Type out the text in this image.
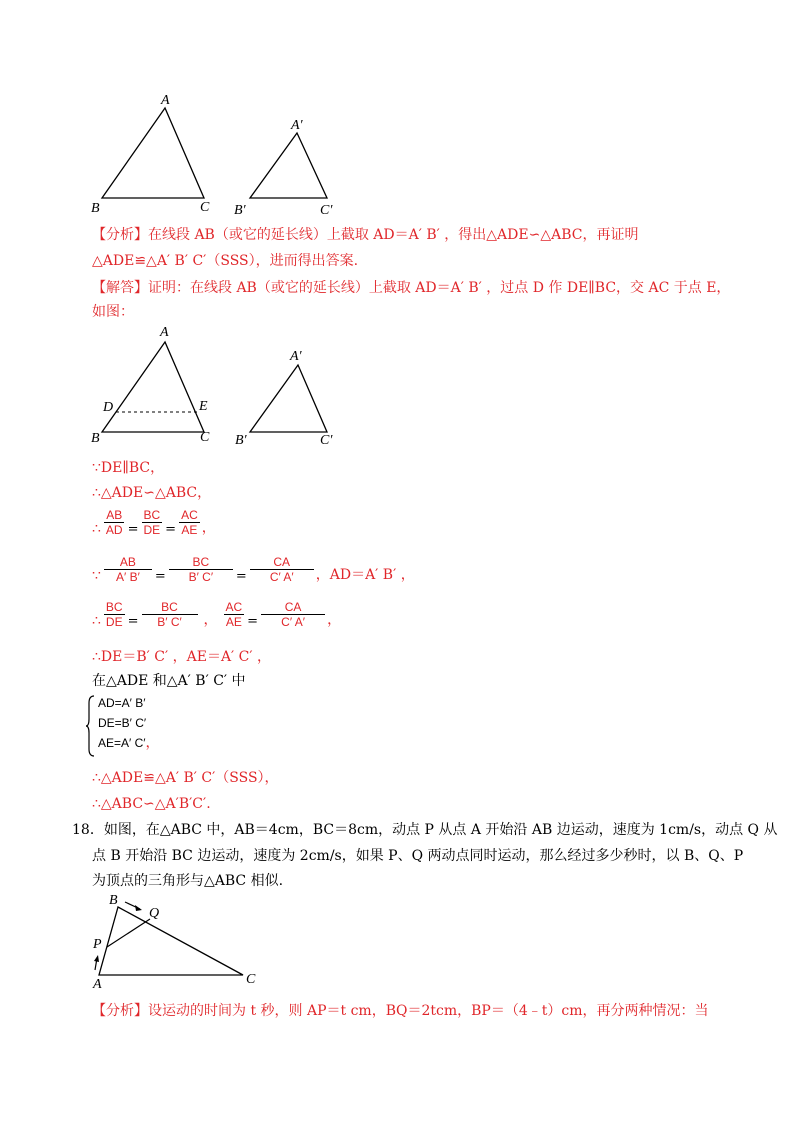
A
B	C
A′
B′	C′
【分析】在线段 AB（或它的延长线）上截取 AD＝A′ B′ ，得出△ADE∽△ABC，再证明
△ADE≌△A′ B′ C′（SSS），进而得出答案.
【解答】证明：在线段 AB（或它的延长线）上截取 AD＝A′ B′ ，过点 D 作 DE∥BC，交 AC 于点 E，
如图：
A
D	E
B	C
A′
B′	C′
∵DE∥BC，
∴△ADE∽△ABC，
∴ $\frac{AB}{AD} = \frac{BC}{DE} = \frac{AC}{AE}$ ，
∵ $\frac{AB}{A' B'} = \frac{BC}{B' C'} = \frac{CA}{C' A'}$ ，AD＝A′ B′ ，
∴ $\frac{BC}{DE} = \frac{BC}{B' C'}$ ， $\frac{AC}{AE} = \frac{CA}{C' A'}$ ，
∴DE＝B′ C′ ，AE＝A′ C′ ，
在△ADE 和△A′ B′ C′ 中
AD=A′ B′
DE=B′ C′
AE=A′ C′，
∴△ADE≌△A′ B′ C′（SSS），
∴△ABC∽△A′B′C′.
18．如图，在△ABC 中，AB＝4cm，BC＝8cm，动点 P 从点 A 开始沿 AB 边运动，速度为 1cm/s，动点 Q 从
点 B 开始沿 BC 边运动，速度为 2cm/s，如果 P、Q 两动点同时运动，那么经过多少秒时，以 B、Q、P
为顶点的三角形与△ABC 相似.
B
Q
P
A	C
【分析】设运动的时间为 t 秒，则 AP＝t cm，BQ＝2tcm，BP＝（4﹣t）cm，再分两种情况：当
